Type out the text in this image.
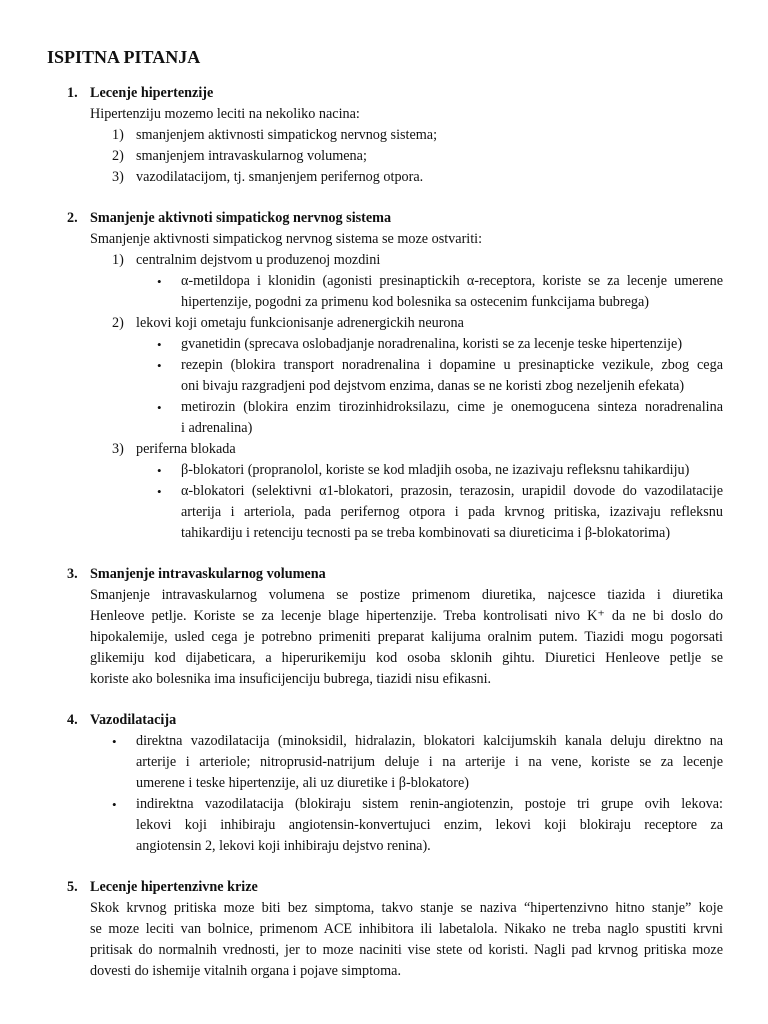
ISPITNA PITANJA
1. Lecenje hipertenzije
Hipertenziju mozemo leciti na nekoliko nacina:
1) smanjenjem aktivnosti simpatickog nervnog sistema;
2) smanjenjem intravaskularnog volumena;
3) vazodilatacijom, tj. smanjenjem perifernog otpora.
2. Smanjenje aktivnoti simpatickog nervnog sistema
Smanjenje aktivnosti simpatickog nervnog sistema se moze ostvariti:
1) centralnim dejstvom u produzenoj mozdini
• α-metildopa i klonidin (agonisti presinaptickih α-receptora, koriste se za lecenje umerene
hipertenzije, pogodni za primenu kod bolesnika sa ostecenim funkcijama bubrega)
2) lekovi koji ometaju funkcionisanje adrenergickih neurona
• gvanetidin (sprecava oslobadjanje noradrenalina, koristi se za lecenje teske hipertenzije)
• rezepin (blokira transport noradrenalina i dopamine u presinapticke vezikule, zbog cega
oni bivaju razgradjeni pod dejstvom enzima, danas se ne koristi zbog nezeljenih efekata)
• metirozin (blokira enzim tirozinhidroksilazu, cime je onemogucena sinteza noradrenalina
i adrenalina)
3) periferna blokada
• β-blokatori (propranolol, koriste se kod mladjih osoba, ne izazivaju refleksnu tahikardiju)
• α-blokatori (selektivni α1-blokatori, prazosin, terazosin, urapidil dovode do vazodilatacije
arterija i arteriola, pada perifernog otpora i pada krvnog pritiska, izazivaju refleksnu
tahikardiju i retenciju tecnosti pa se treba kombinovati sa diureticima i β-blokatorima)
3. Smanjenje intravaskularnog volumena
Smanjenje intravaskularnog volumena se postize primenom diuretika, najcesce tiazida i diuretika
Henleove petlje. Koriste se za lecenje blage hipertenzije. Treba kontrolisati nivo K⁺ da ne bi doslo do
hipokalemije, usled cega je potrebno primeniti preparat kalijuma oralnim putem. Tiazidi mogu pogorsati
glikemiju kod dijabeticara, a hiperurikemiju kod osoba sklonih gihtu. Diuretici Henleove petlje se
koriste ako bolesnika ima insuficijenciju bubrega, tiazidi nisu efikasni.
4. Vazodilatacija
• direktna vazodilatacija (minoksidil, hidralazin, blokatori kalcijumskih kanala deluju direktno na
arterije i arteriole; nitroprusid-natrijum deluje i na arterije i na vene, koriste se za lecenje
umerene i teske hipertenzije, ali uz diuretike i β-blokatore)
• indirektna vazodilatacija (blokiraju sistem renin-angiotenzin, postoje tri grupe ovih lekova:
lekovi koji inhibiraju angiotensin-konvertujuci enzim, lekovi koji blokiraju receptore za
angiotensin 2, lekovi koji inhibiraju dejstvo renina).
5. Lecenje hipertenzivne krize
Skok krvnog pritiska moze biti bez simptoma, takvo stanje se naziva “hipertenzivno hitno stanje” koje
se moze leciti van bolnice, primenom ACE inhibitora ili labetalola. Nikako ne treba naglo spustiti krvni
pritisak do normalnih vrednosti, jer to moze naciniti vise stete od koristi. Nagli pad krvnog pritiska moze
dovesti do ishemije vitalnih organa i pojave simptoma.
